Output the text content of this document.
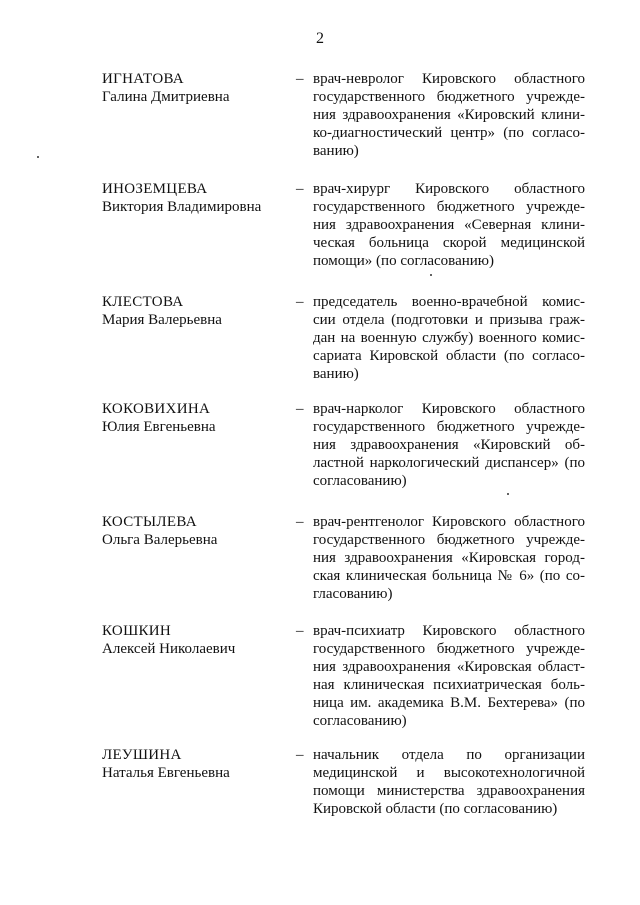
2
ИГНАТОВА
Галина Дмитриевна
– врач-невролог Кировского областного
государственного бюджетного учрежде-
ния здравоохранения «Кировский клини-
ко-диагностический центр» (по согласо-
ванию)
ИНОЗЕМЦЕВА
Виктория Владимировна
– врач-хирург Кировского областного
государственного бюджетного учрежде-
ния здравоохранения «Северная клини-
ческая больница скорой медицинской
помощи» (по согласованию)
КЛЕСТОВА
Мария Валерьевна
– председатель военно-врачебной комис-
сии отдела (подготовки и призыва граж-
дан на военную службу) военного комис-
сариата Кировской области (по согласо-
ванию)
КОКОВИХИНА
Юлия Евгеньевна
– врач-нарколог Кировского областного
государственного бюджетного учрежде-
ния здравоохранения «Кировский об-
ластной наркологический диспансер» (по
согласованию)
КОСТЫЛЕВА
Ольга Валерьевна
– врач-рентгенолог Кировского областного
государственного бюджетного учрежде-
ния здравоохранения «Кировская город-
ская клиническая больница № 6» (по со-
гласованию)
КОШКИН
Алексей Николаевич
– врач-психиатр Кировского областного
государственного бюджетного учрежде-
ния здравоохранения «Кировская област-
ная клиническая психиатрическая боль-
ница им. академика В.М. Бехтерева» (по
согласованию)
ЛЕУШИНА
Наталья Евгеньевна
– начальник отдела по организации
медицинской и высокотехнологичной
помощи министерства здравоохранения
Кировской области (по согласованию)
